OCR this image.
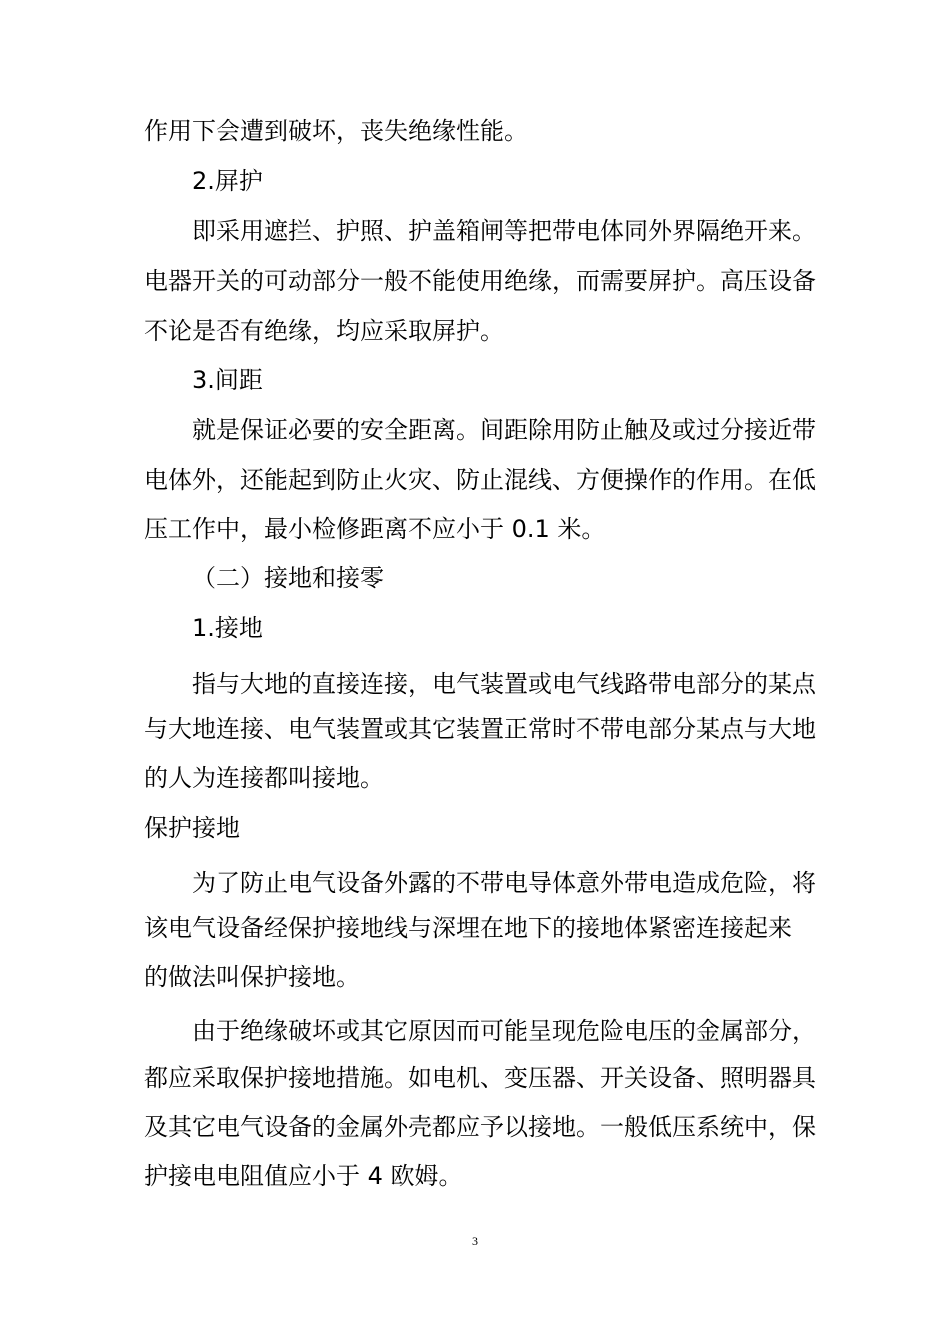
作用下会遭到破坏，丧失绝缘性能。

2.屏护

即采用遮拦、护照、护盖箱闸等把带电体同外界隔绝开来。

电器开关的可动部分一般不能使用绝缘，而需要屏护。高压设备

不论是否有绝缘，均应采取屏护。

3.间距

就是保证必要的安全距离。间距除用防止触及或过分接近带

电体外，还能起到防止火灾、防止混线、方便操作的作用。在低

压工作中，最小检修距离不应小于 0.1 米。

（二）接地和接零

1.接地

指与大地的直接连接，电气装置或电气线路带电部分的某点

与大地连接、电气装置或其它装置正常时不带电部分某点与大地

的人为连接都叫接地。

保护接地

为了防止电气设备外露的不带电导体意外带电造成危险，将

该电气设备经保护接地线与深埋在地下的接地体紧密连接起来

的做法叫保护接地。

由于绝缘破坏或其它原因而可能呈现危险电压的金属部分，

都应采取保护接地措施。如电机、变压器、开关设备、照明器具

及其它电气设备的金属外壳都应予以接地。一般低压系统中，保

护接电电阻值应小于 4 欧姆。

3
